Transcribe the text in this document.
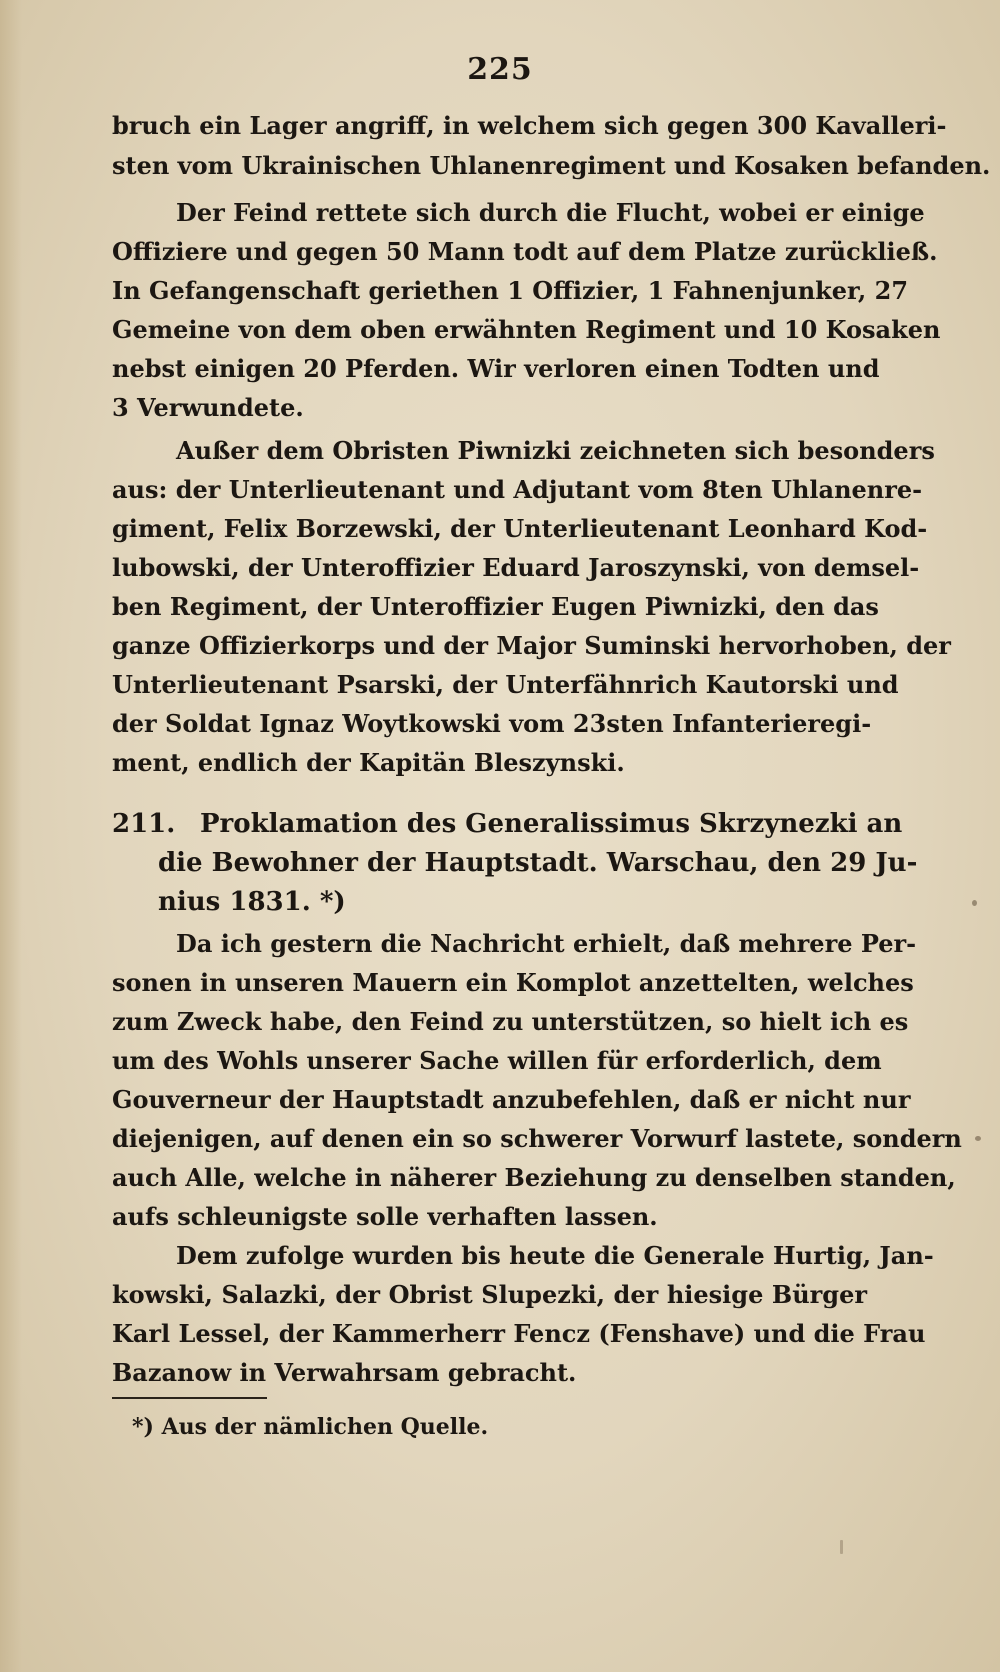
225
bruch ein Lager angriff, in welchem sich gegen 300 Kavalleri-
sten vom Ukrainischen Uhlanenregiment und Kosaken befanden.
Der Feind rettete sich durch die Flucht, wobei er einige
Offiziere und gegen 50 Mann todt auf dem Platze zurückließ.
In Gefangenschaft geriethen 1 Offizier, 1 Fahnenjunker, 27
Gemeine von dem oben erwähnten Regiment und 10 Kosaken
nebst einigen 20 Pferden. Wir verloren einen Todten und
3 Verwundete.
Außer dem Obristen Piwnizki zeichneten sich besonders
aus: der Unterlieutenant und Adjutant vom 8ten Uhlanenre-
giment, Felix Borzewski, der Unterlieutenant Leonhard Kod-
lubowski, der Unteroffizier Eduard Jaroszynski, von demsel-
ben Regiment, der Unteroffizier Eugen Piwnizki, den das
ganze Offizierkorps und der Major Suminski hervorhoben, der
Unterlieutenant Psarski, der Unterfähnrich Kautorski und
der Soldat Ignaz Woytkowski vom 23sten Infanterieregi-
ment, endlich der Kapitän Bleszynski.
211. Proklamation des Generalissimus Skrzynezki an
die Bewohner der Hauptstadt. Warschau, den 29 Ju-
nius 1831. *)
Da ich gestern die Nachricht erhielt, daß mehrere Per-
sonen in unseren Mauern ein Komplot anzettelten, welches
zum Zweck habe, den Feind zu unterstützen, so hielt ich es
um des Wohls unserer Sache willen für erforderlich, dem
Gouverneur der Hauptstadt anzubefehlen, daß er nicht nur
diejenigen, auf denen ein so schwerer Vorwurf lastete, sondern
auch Alle, welche in näherer Beziehung zu denselben standen,
aufs schleunigste solle verhaften lassen.
Dem zufolge wurden bis heute die Generale Hurtig, Jan-
kowski, Salazki, der Obrist Slupezki, der hiesige Bürger
Karl Lessel, der Kammerherr Fencz (Fenshave) und die Frau
Bazanow in Verwahrsam gebracht.
*) Aus der nämlichen Quelle.
